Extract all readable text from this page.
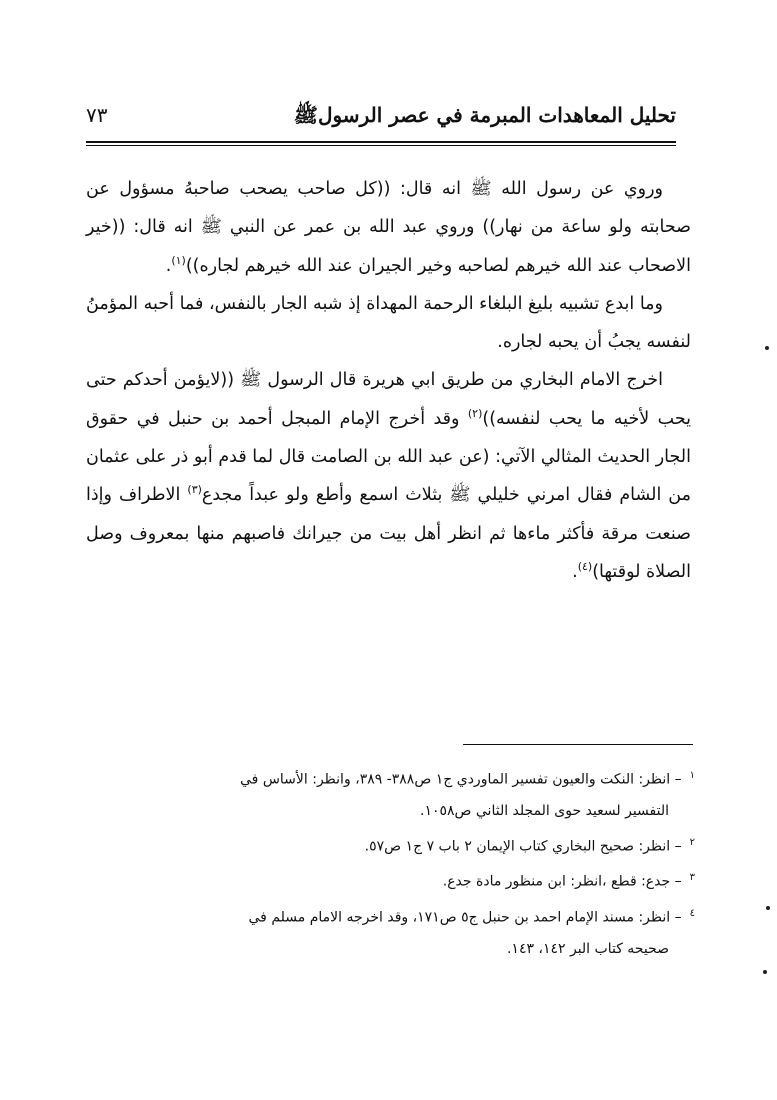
تحليل المعاهدات المبرمة في عصر الرسولﷺ
٧٣

وروي عن رسول الله ﷺ انه قال: ((كل صاحب يصحب صاحبهُ مسؤول عن صحابته ولو ساعة من نهار)) وروي عبد الله بن عمر عن النبي ﷺ انه قال: ((خير الاصحاب عند الله خيرهم لصاحبه وخير الجيران عند الله خيرهم لجاره))$^{(١)}$.

وما ابدع تشبيه بليغ البلغاء الرحمة المهداة إذ شبه الجار بالنفس، فما أحبه المؤمنُ لنفسه يجبُ أن يحبه لجاره.

اخرج الامام البخاري من طريق ابي هريرة قال الرسول ﷺ ((لايؤمن أحدكم حتى يحب لأخيه ما يحب لنفسه))$^{(٢)}$ وقد أخرج الإمام المبجل أحمد بن حنبل في حقوق الجار الحديث المثالي الآتي: (عن عبد الله بن الصامت قال لما قدم أبو ذر على عثمان من الشام فقال امرني خليلي ﷺ بثلاث اسمع وأطع ولو عبداً مجدع$^{(٣)}$ الاطراف وإذا صنعت مرقة فأكثر ماءها ثم انظر أهل بيت من جيرانك فاصبهم منها بمعروف وصل الصلاة لوقتها)$^{(٤)}$.

$^١$– انظر: النكت والعيون تفسير الماوردي ج١ ص٣٨٨- ٣٨٩، وانظر: الأساس في

التفسير لسعيد حوى المجلد الثاني ص١٠٥٨.

$^٢$– انظر: صحيح البخاري كتاب الإيمان ٢ باب ٧ ج١ ص٥٧.

$^٣$– جدع: قطع ،انظر: ابن منظور مادة جدع.

$^٤$– انظر: مسند الإمام احمد بن حنبل ج٥ ص١٧١، وقد اخرجه الامام مسلم في

صحيحه كتاب البر ١٤٢، ١٤٣.
